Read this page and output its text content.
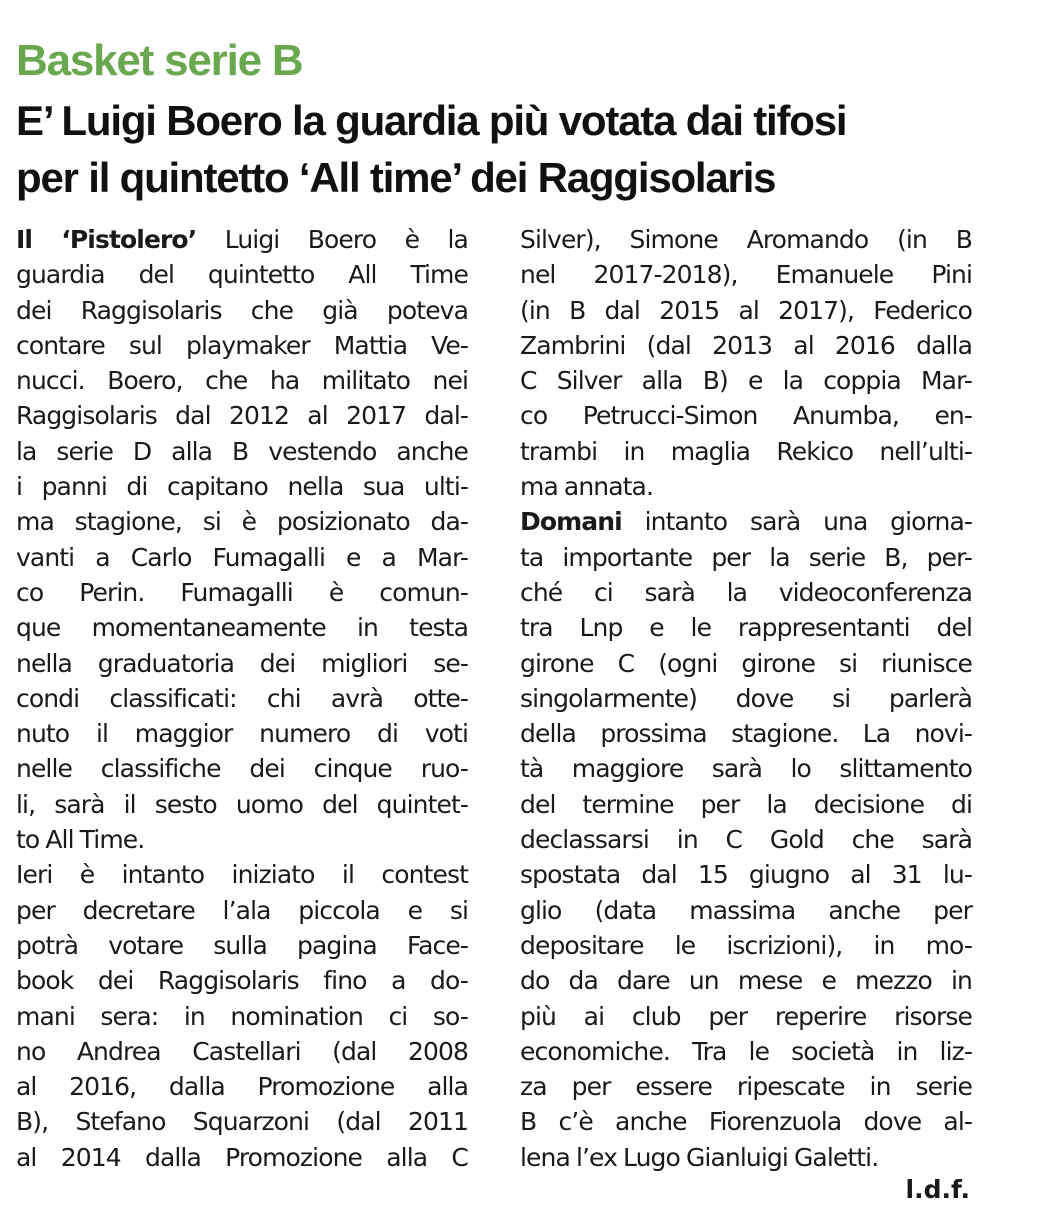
Basket serie B
E’ Luigi Boero la guardia più votata dai tifosi
per il quintetto ‘All time’ dei Raggisolaris
Il ‘Pistolero’ Luigi Boero è la
guardia del quintetto All Time
dei Raggisolaris che già poteva
contare sul playmaker Mattia Ve-
nucci. Boero, che ha militato nei
Raggisolaris dal 2012 al 2017 dal-
la serie D alla B vestendo anche
i panni di capitano nella sua ulti-
ma stagione, si è posizionato da-
vanti a Carlo Fumagalli e a Mar-
co Perin. Fumagalli è comun-
que momentaneamente in testa
nella graduatoria dei migliori se-
condi classificati: chi avrà otte-
nuto il maggior numero di voti
nelle classifiche dei cinque ruo-
li, sarà il sesto uomo del quintet-
to All Time.
Ieri è intanto iniziato il contest
per decretare l’ala piccola e si
potrà votare sulla pagina Face-
book dei Raggisolaris fino a do-
mani sera: in nomination ci so-
no Andrea Castellari (dal 2008
al 2016, dalla Promozione alla
B), Stefano Squarzoni (dal 2011
al 2014 dalla Promozione alla C
Silver), Simone Aromando (in B
nel 2017-2018), Emanuele Pini
(in B dal 2015 al 2017), Federico
Zambrini (dal 2013 al 2016 dalla
C Silver alla B) e la coppia Mar-
co Petrucci-Simon Anumba, en-
trambi in maglia Rekico nell’ulti-
ma annata.
Domani intanto sarà una giorna-
ta importante per la serie B, per-
ché ci sarà la videoconferenza
tra Lnp e le rappresentanti del
girone C (ogni girone si riunisce
singolarmente) dove si parlerà
della prossima stagione. La novi-
tà maggiore sarà lo slittamento
del termine per la decisione di
declassarsi in C Gold che sarà
spostata dal 15 giugno al 31 lu-
glio (data massima anche per
depositare le iscrizioni), in mo-
do da dare un mese e mezzo in
più ai club per reperire risorse
economiche. Tra le società in liz-
za per essere ripescate in serie
B c’è anche Fiorenzuola dove al-
lena l’ex Lugo Gianluigi Galetti.
l.d.f.
